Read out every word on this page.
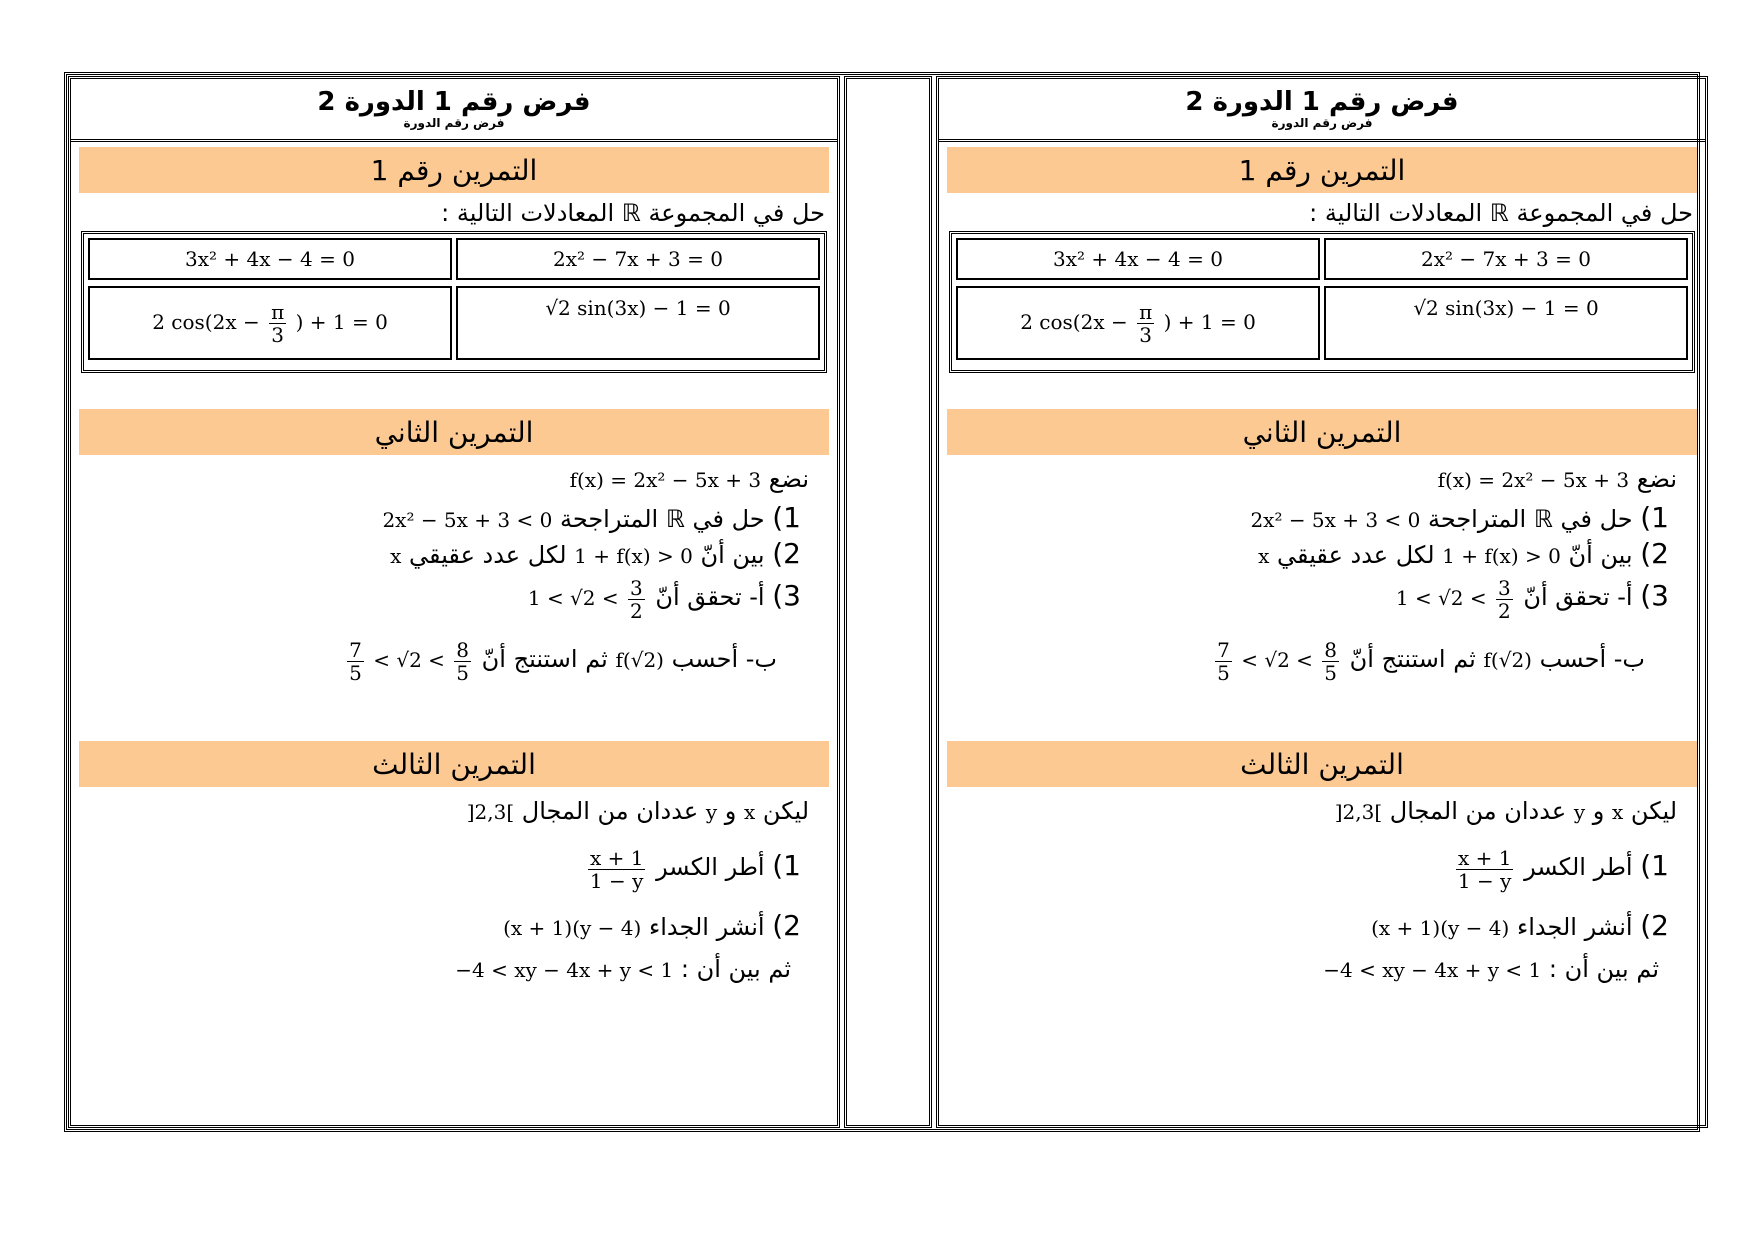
فرض رقم 1 الدورة 2
فرض رقم الدورة
التمرين رقم 1
حل في المجموعة ℝ المعادلات التالية :
3x² + 4x − 4 = 0	2x² − 7x + 3 = 0
2 $\cos(2x - \frac{\pi}{3}$ ) + 1 = 0
√2 sin(3x) − 1 = 0
التمرين الثاني
نضع f(x) = 2x² − 5x + 3
1) حل في ℝ المتراجحة 2x² − 5x + 3 < 0
2) بين أنّ 1 + f(x) > 0 لكل عدد عقيقي x
3) أ- تحقق أنّ $1 < √2 < \frac{3}{2}$
ب- أحسب f(√2) ثم استنتج أنّ
$\frac{7}{5} < √2 < \frac{8}{5}$
التمرين الثالث
ليكن x و y عددان من المجال ]2,3[
1) أطر الكسر
$\frac{x + 1}{1 - y}$
2) أنشر الجداء (x + 1)(y − 4)
ثم بين أن : −4 < xy − 4x + y < 1
فرض رقم 1 الدورة 2
فرض رقم الدورة
التمرين رقم 1
حل في المجموعة ℝ المعادلات التالية :
3x² + 4x − 4 = 0	2x² − 7x + 3 = 0
2 $\cos(2x - \frac{\pi}{3}$ ) + 1 = 0
√2 sin(3x) − 1 = 0
التمرين الثاني
نضع f(x) = 2x² − 5x + 3
1) حل في ℝ المتراجحة 2x² − 5x + 3 < 0
2) بين أنّ 1 + f(x) > 0 لكل عدد عقيقي x
3) أ- تحقق أنّ $1 < √2 < \frac{3}{2}$
ب- أحسب f(√2) ثم استنتج أنّ
$\frac{7}{5} < √2 < \frac{8}{5}$
التمرين الثالث
ليكن x و y عددان من المجال ]2,3[
1) أطر الكسر
$\frac{x + 1}{1 - y}$
2) أنشر الجداء (x + 1)(y − 4)
ثم بين أن : −4 < xy − 4x + y < 1
